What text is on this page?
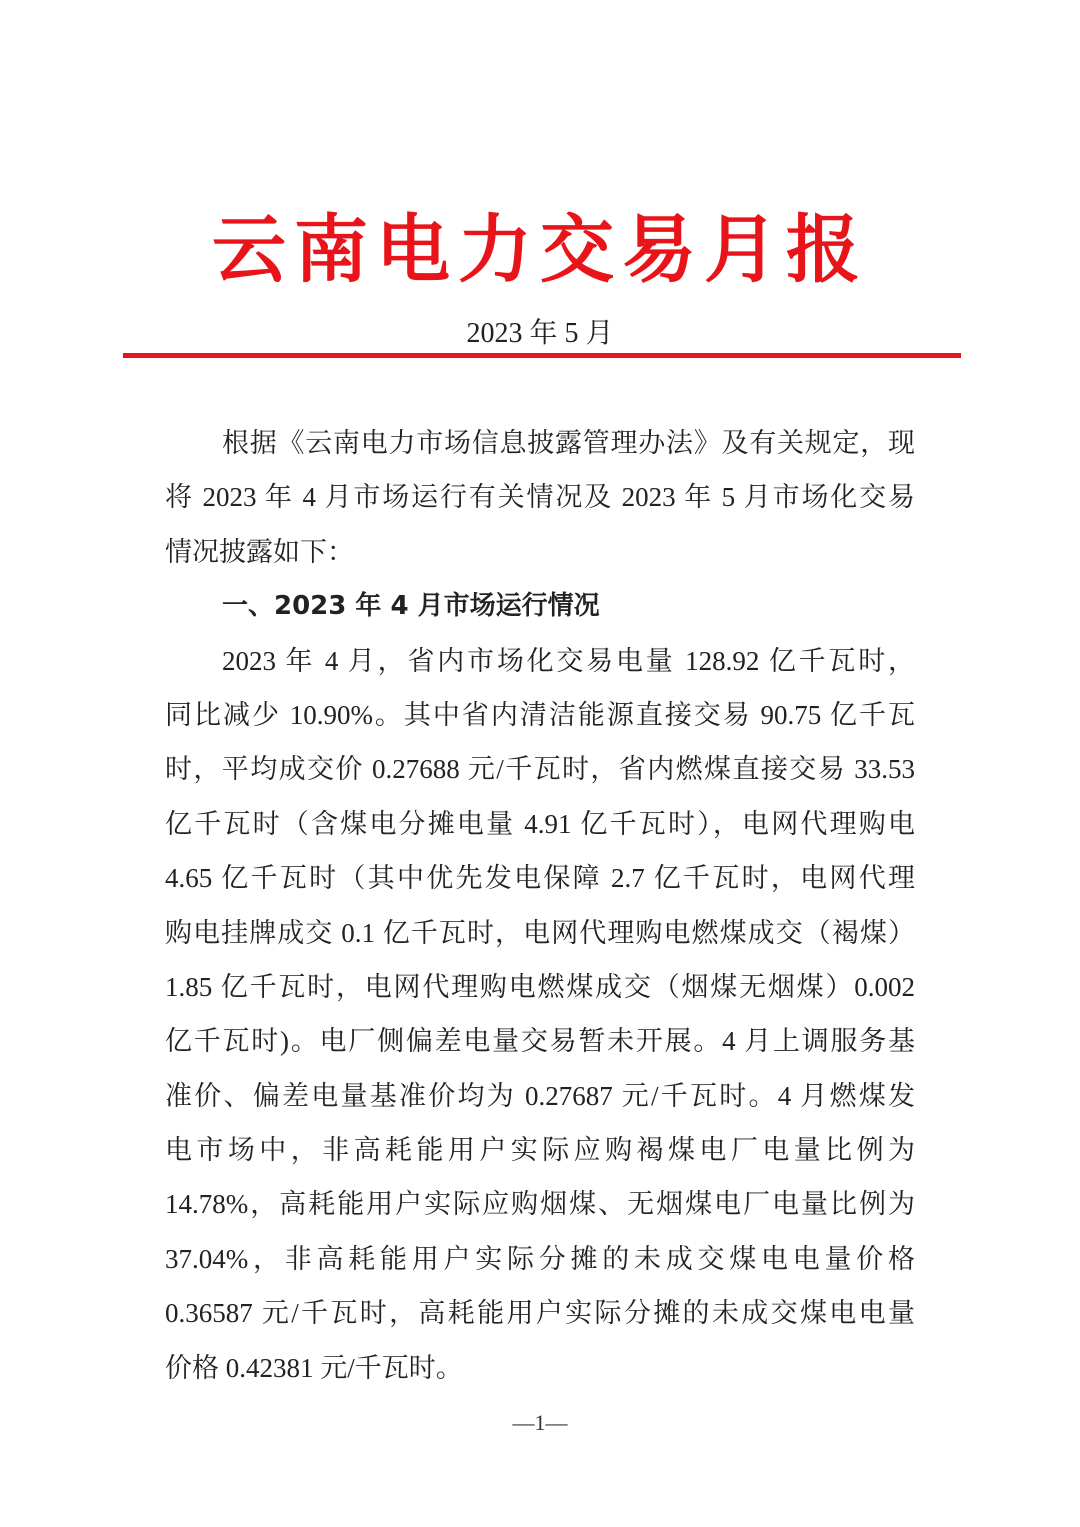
云南电力交易月报
2023 年 5 月
根据《云南电力市场信息披露管理办法》及有关规定，现
将 2023 年 4 月市场运行有关情况及 2023 年 5 月市场化交易
情况披露如下：
一、2023 年 4 月市场运行情况
2023 年 4 月，省内市场化交易电量 128.92 亿千瓦时，
同比减少 10.90%。其中省内清洁能源直接交易 90.75 亿千瓦
时，平均成交价 0.27688 元/千瓦时，省内燃煤直接交易 33.53
亿千瓦时（含煤电分摊电量 4.91 亿千瓦时），电网代理购电
4.65 亿千瓦时（其中优先发电保障 2.7 亿千瓦时，电网代理
购电挂牌成交 0.1 亿千瓦时，电网代理购电燃煤成交（褐煤）
1.85 亿千瓦时，电网代理购电燃煤成交（烟煤无烟煤）0.002
亿千瓦时)。电厂侧偏差电量交易暂未开展。4 月上调服务基
准价、偏差电量基准价均为 0.27687 元/千瓦时。4 月燃煤发
电市场中，非高耗能用户实际应购褐煤电厂电量比例为
14.78%，高耗能用户实际应购烟煤、无烟煤电厂电量比例为
37.04%，非高耗能用户实际分摊的未成交煤电电量价格
0.36587 元/千瓦时，高耗能用户实际分摊的未成交煤电电量
价格 0.42381 元/千瓦时。
—1—
